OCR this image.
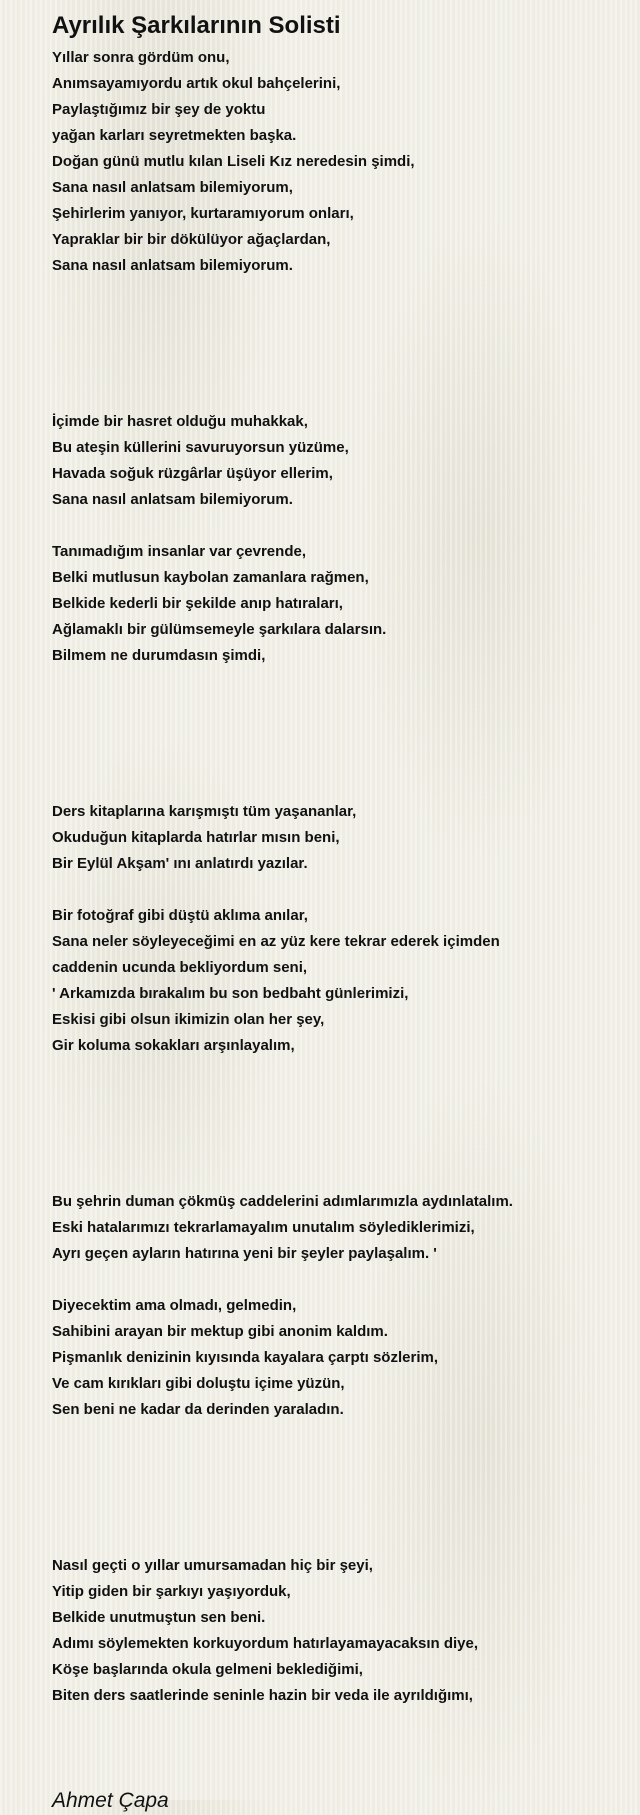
Ayrılık Şarkılarının Solisti
Yıllar sonra gördüm onu,
Anımsayamıyordu artık okul bahçelerini,
Paylaştığımız bir şey de yoktu
yağan karları seyretmekten başka.
Doğan günü mutlu kılan Liseli Kız neredesin şimdi,
Sana nasıl anlatsam bilemiyorum,
Şehirlerim yanıyor, kurtaramıyorum onları,
Yapraklar bir bir dökülüyor ağaçlardan,
Sana nasıl anlatsam bilemiyorum.
İçimde bir hasret olduğu muhakkak,
Bu ateşin küllerini savuruyorsun yüzüme,
Havada soğuk rüzgârlar üşüyor ellerim,
Sana nasıl anlatsam bilemiyorum.
Tanımadığım insanlar var çevrende,
Belki mutlusun kaybolan zamanlara rağmen,
Belkide kederli bir şekilde anıp hatıraları,
Ağlamaklı bir gülümsemeyle şarkılara dalarsın.
Bilmem ne durumdasın şimdi,
Ders kitaplarına karışmıştı tüm yaşananlar,
Okuduğun kitaplarda hatırlar mısın beni,
Bir Eylül Akşam' ını anlatırdı yazılar.
Bir fotoğraf gibi düştü aklıma anılar,
Sana neler söyleyeceğimi en az yüz kere tekrar ederek içimden
caddenin ucunda bekliyordum seni,
' Arkamızda bırakalım bu son bedbaht günlerimizi,
Eskisi gibi olsun ikimizin olan her şey,
Gir koluma sokakları arşınlayalım,
Bu şehrin duman çökmüş caddelerini adımlarımızla aydınlatalım.
Eski hatalarımızı tekrarlamayalım unutalım söylediklerimizi,
Ayrı geçen ayların hatırına yeni bir şeyler paylaşalım. '
Diyecektim ama olmadı, gelmedin,
Sahibini arayan bir mektup gibi anonim kaldım.
Pişmanlık denizinin kıyısında kayalara çarptı sözlerim,
Ve cam kırıkları gibi doluştu içime yüzün,
Sen beni ne kadar da derinden yaraladın.
Nasıl geçti o yıllar umursamadan hiç bir şeyi,
Yitip giden bir şarkıyı yaşıyorduk,
Belkide unutmuştun sen beni.
Adımı söylemekten korkuyordum hatırlayamayacaksın diye,
Köşe başlarında okula gelmeni beklediğimi,
Biten ders saatlerinde seninle hazin bir veda ile ayrıldığımı,
Ahmet Çapa
